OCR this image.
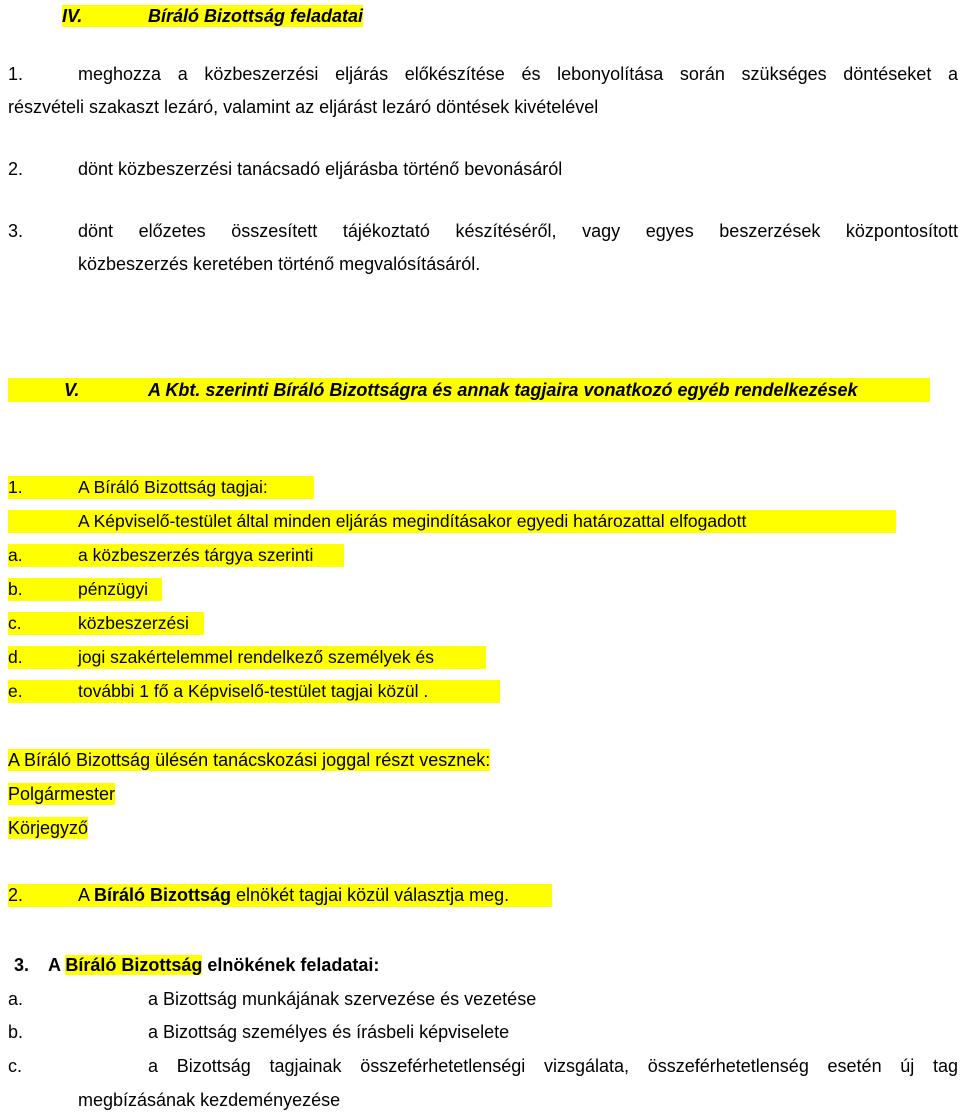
IV.	Bíráló Bizottság feladatai
1.	meghozza a közbeszerzési eljárás előkészítése és lebonyolítása során szükséges döntéseket a
részvételi szakaszt lezáró, valamint az eljárást lezáró döntések kivételével
2.	dönt közbeszerzési tanácsadó eljárásba történő bevonásáról
3.	dönt előzetes összesített tájékoztató készítéséről, vagy egyes beszerzések központosított
közbeszerzés keretében történő megvalósításáról.
V.	A Kbt. szerinti Bíráló Bizottságra és annak tagjaira vonatkozó egyéb rendelkezések
1.	A Bíráló Bizottság tagjai:
A Képviselő-testület által minden eljárás megindításakor egyedi határozattal elfogadott
a.	a közbeszerzés tárgya szerinti
b.	pénzügyi
c.	közbeszerzési
d.	jogi szakértelemmel rendelkező személyek és
e.	további 1 fő a Képviselő-testület tagjai közül .
A Bíráló Bizottság ülésén tanácskozási joggal részt vesznek:
Polgármester
Körjegyző
2.	A Bíráló Bizottság elnökét tagjai közül választja meg.
3. A Bíráló Bizottság elnökének feladatai:
a.	a Bizottság munkájának szervezése és vezetése
b.	a Bizottság személyes és írásbeli képviselete
c.	a Bizottság tagjainak összeférhetetlenségi vizsgálata, összeférhetetlenség esetén új tag
megbízásának kezdeményezése
